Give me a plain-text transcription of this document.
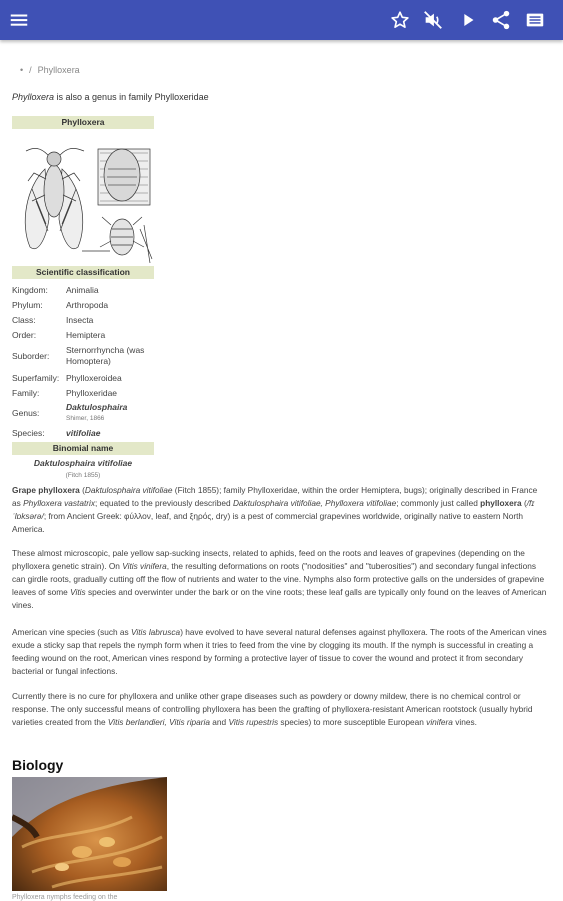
• / Phylloxera
Phylloxera is also a genus in family Phylloxeridae
Phylloxera
Scientific classification
Kingdom:	Animalia
Phylum:	Arthropoda
Class:	Insecta
Order:	Hemiptera
Suborder:
Sternorrhyncha (was Homoptera)
Superfamily: Phylloxeroidea
Family:	Phylloxeridae
Genus:
Daktulosphaira
Shimer, 1866
Species:	vitifoliae
Binomial name
Daktulosphaira vitifoliae
(Fitch 1855)

Grape phylloxera (Daktulosphaira vitifoliae (Fitch 1855); family Phylloxeridae, within the order Hemiptera, bugs); originally described in France as Phylloxera vastatrix; equated to the previously described Daktulosphaira vitifoliae, Phylloxera vitifoliae; commonly just called phylloxera (/fɪˈlɒksərə/; from Ancient Greek: φύλλον, leaf, and ξηρός, dry) is a pest of commercial grapevines worldwide, originally native to eastern North America.

These almost microscopic, pale yellow sap-sucking insects, related to aphids, feed on the roots and leaves of grapevines (depending on the phylloxera genetic strain). On Vitis vinifera, the resulting deformations on roots ("nodosities" and "tuberosities") and secondary fungal infections can girdle roots, gradually cutting off the flow of nutrients and water to the vine. Nymphs also form protective galls on the undersides of grapevine leaves of some Vitis species and overwinter under the bark or on the vine roots; these leaf galls are typically only found on the leaves of American vines.

American vine species (such as Vitis labrusca) have evolved to have several natural defenses against phylloxera. The roots of the American vines exude a sticky sap that repels the nymph form when it tries to feed from the vine by clogging its mouth. If the nymph is successful in creating a feeding wound on the root, American vines respond by forming a protective layer of tissue to cover the wound and protect it from secondary bacterial or fungal infections.

Currently there is no cure for phylloxera and unlike other grape diseases such as powdery or downy mildew, there is no chemical control or response. The only successful means of controlling phylloxera has been the grafting of phylloxera-resistant American rootstock (usually hybrid varieties created from the Vitis berlandieri, Vitis riparia and Vitis rupestris species) to more susceptible European vinifera vines.

Biology
Phylloxera nymphs feeding on the
